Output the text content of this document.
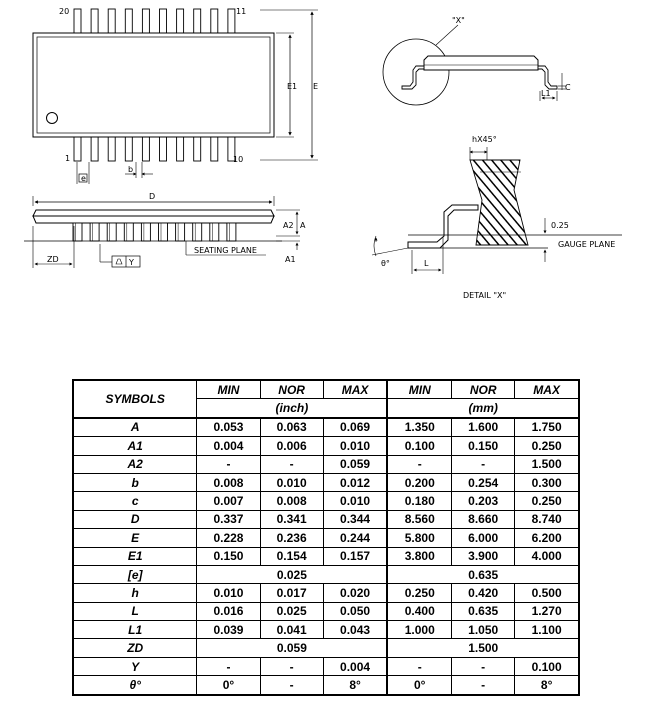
20	11
1	10
E1 E
e
b
D
A2 A
A1
ZD	Y
SEATING PLANE
"X"
C
L1
hX45°
0.25
GAUGE PLANE
L
θ°
DETAIL "X"
SYMBOLS	MIN	NOR	MAX	MIN	NOR	MAX
	(inch)			(mm)		
A	0.053	0.063	0.069	1.350	1.600	1.750
A1	0.004	0.006	0.010	0.100	0.150	0.250
A2	-	-	0.059	-	-	1.500
b	0.008	0.010	0.012	0.200	0.254	0.300
c	0.007	0.008	0.010	0.180	0.203	0.250
D	0.337	0.341	0.344	8.560	8.660	8.740
E	0.228	0.236	0.244	5.800	6.000	6.200
E1	0.150	0.154	0.157	3.800	3.900	4.000
[e]	0.025			0.635		
h	0.010	0.017	0.020	0.250	0.420	0.500
L	0.016	0.025	0.050	0.400	0.635	1.270
L1	0.039	0.041	0.043	1.000	1.050	1.100
ZD	0.059			1.500		
Y	-	-	0.004	-	-	0.100
θ°	0°	-	8°	0°	-	8°
